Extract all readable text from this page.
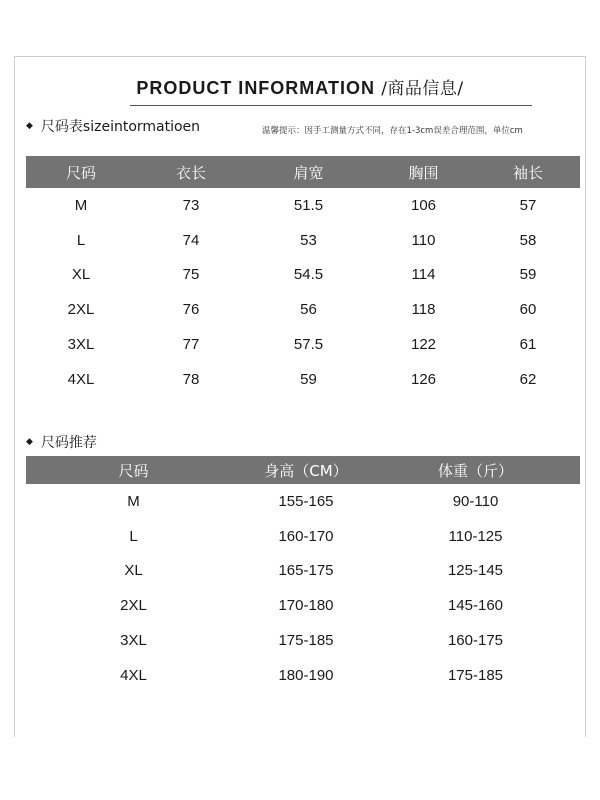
PRODUCT INFORMATION /商品信息/
◆ 尺码表sizeintormatioen	温馨提示：因手工测量方式不同，存在1-3cm误差合理范围，单位cm
尺码	衣长	肩宽	胸围	袖长
M	73	51.5	106	57
L	74	53	110	58
XL	75	54.5	114	59
2XL	76	56	118	60
3XL	77	57.5	122	61
4XL	78	59	126	62
◆ 尺码推荐
尺码	身高（CM）	体重（斤）
M	155-165	90-110
L	160-170	110-125
XL	165-175	125-145
2XL	170-180	145-160
3XL	175-185	160-175
4XL	180-190	175-185
